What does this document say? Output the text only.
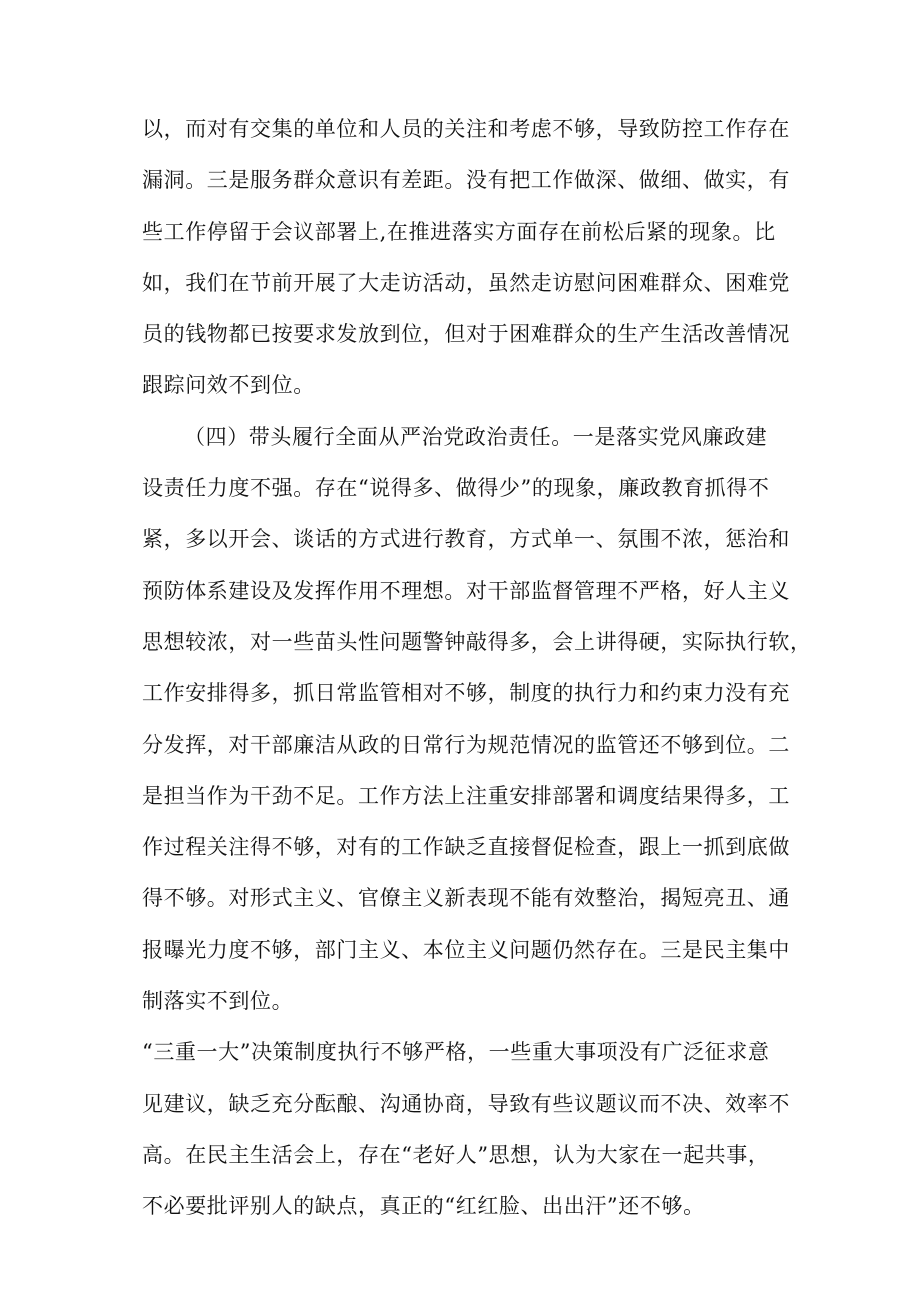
以，而对有交集的单位和人员的关注和考虑不够，导致防控工作存在
漏洞。三是服务群众意识有差距。没有把工作做深、做细、做实，有
些工作停留于会议部署上,在推进落实方面存在前松后紧的现象。比
如，我们在节前开展了大走访活动，虽然走访慰问困难群众、困难党
员的钱物都已按要求发放到位，但对于困难群众的生产生活改善情况
跟踪问效不到位。
（四）带头履行全面从严治党政治责任。一是落实党风廉政建
设责任力度不强。存在“说得多、做得少”的现象，廉政教育抓得不
紧，多以开会、谈话的方式进行教育，方式单一、氛围不浓，惩治和
预防体系建设及发挥作用不理想。对干部监督管理不严格，好人主义
思想较浓，对一些苗头性问题警钟敲得多，会上讲得硬，实际执行软，
工作安排得多，抓日常监管相对不够，制度的执行力和约束力没有充
分发挥，对干部廉洁从政的日常行为规范情况的监管还不够到位。二
是担当作为干劲不足。工作方法上注重安排部署和调度结果得多，工
作过程关注得不够，对有的工作缺乏直接督促检查，跟上一抓到底做
得不够。对形式主义、官僚主义新表现不能有效整治，揭短亮丑、通
报曝光力度不够，部门主义、本位主义问题仍然存在。三是民主集中
制落实不到位。
“三重一大”决策制度执行不够严格，一些重大事项没有广泛征求意
见建议，缺乏充分酝酿、沟通协商，导致有些议题议而不决、效率不
高。在民主生活会上，存在“老好人”思想，认为大家在一起共事，
不必要批评别人的缺点，真正的“红红脸、出出汗”还不够。
